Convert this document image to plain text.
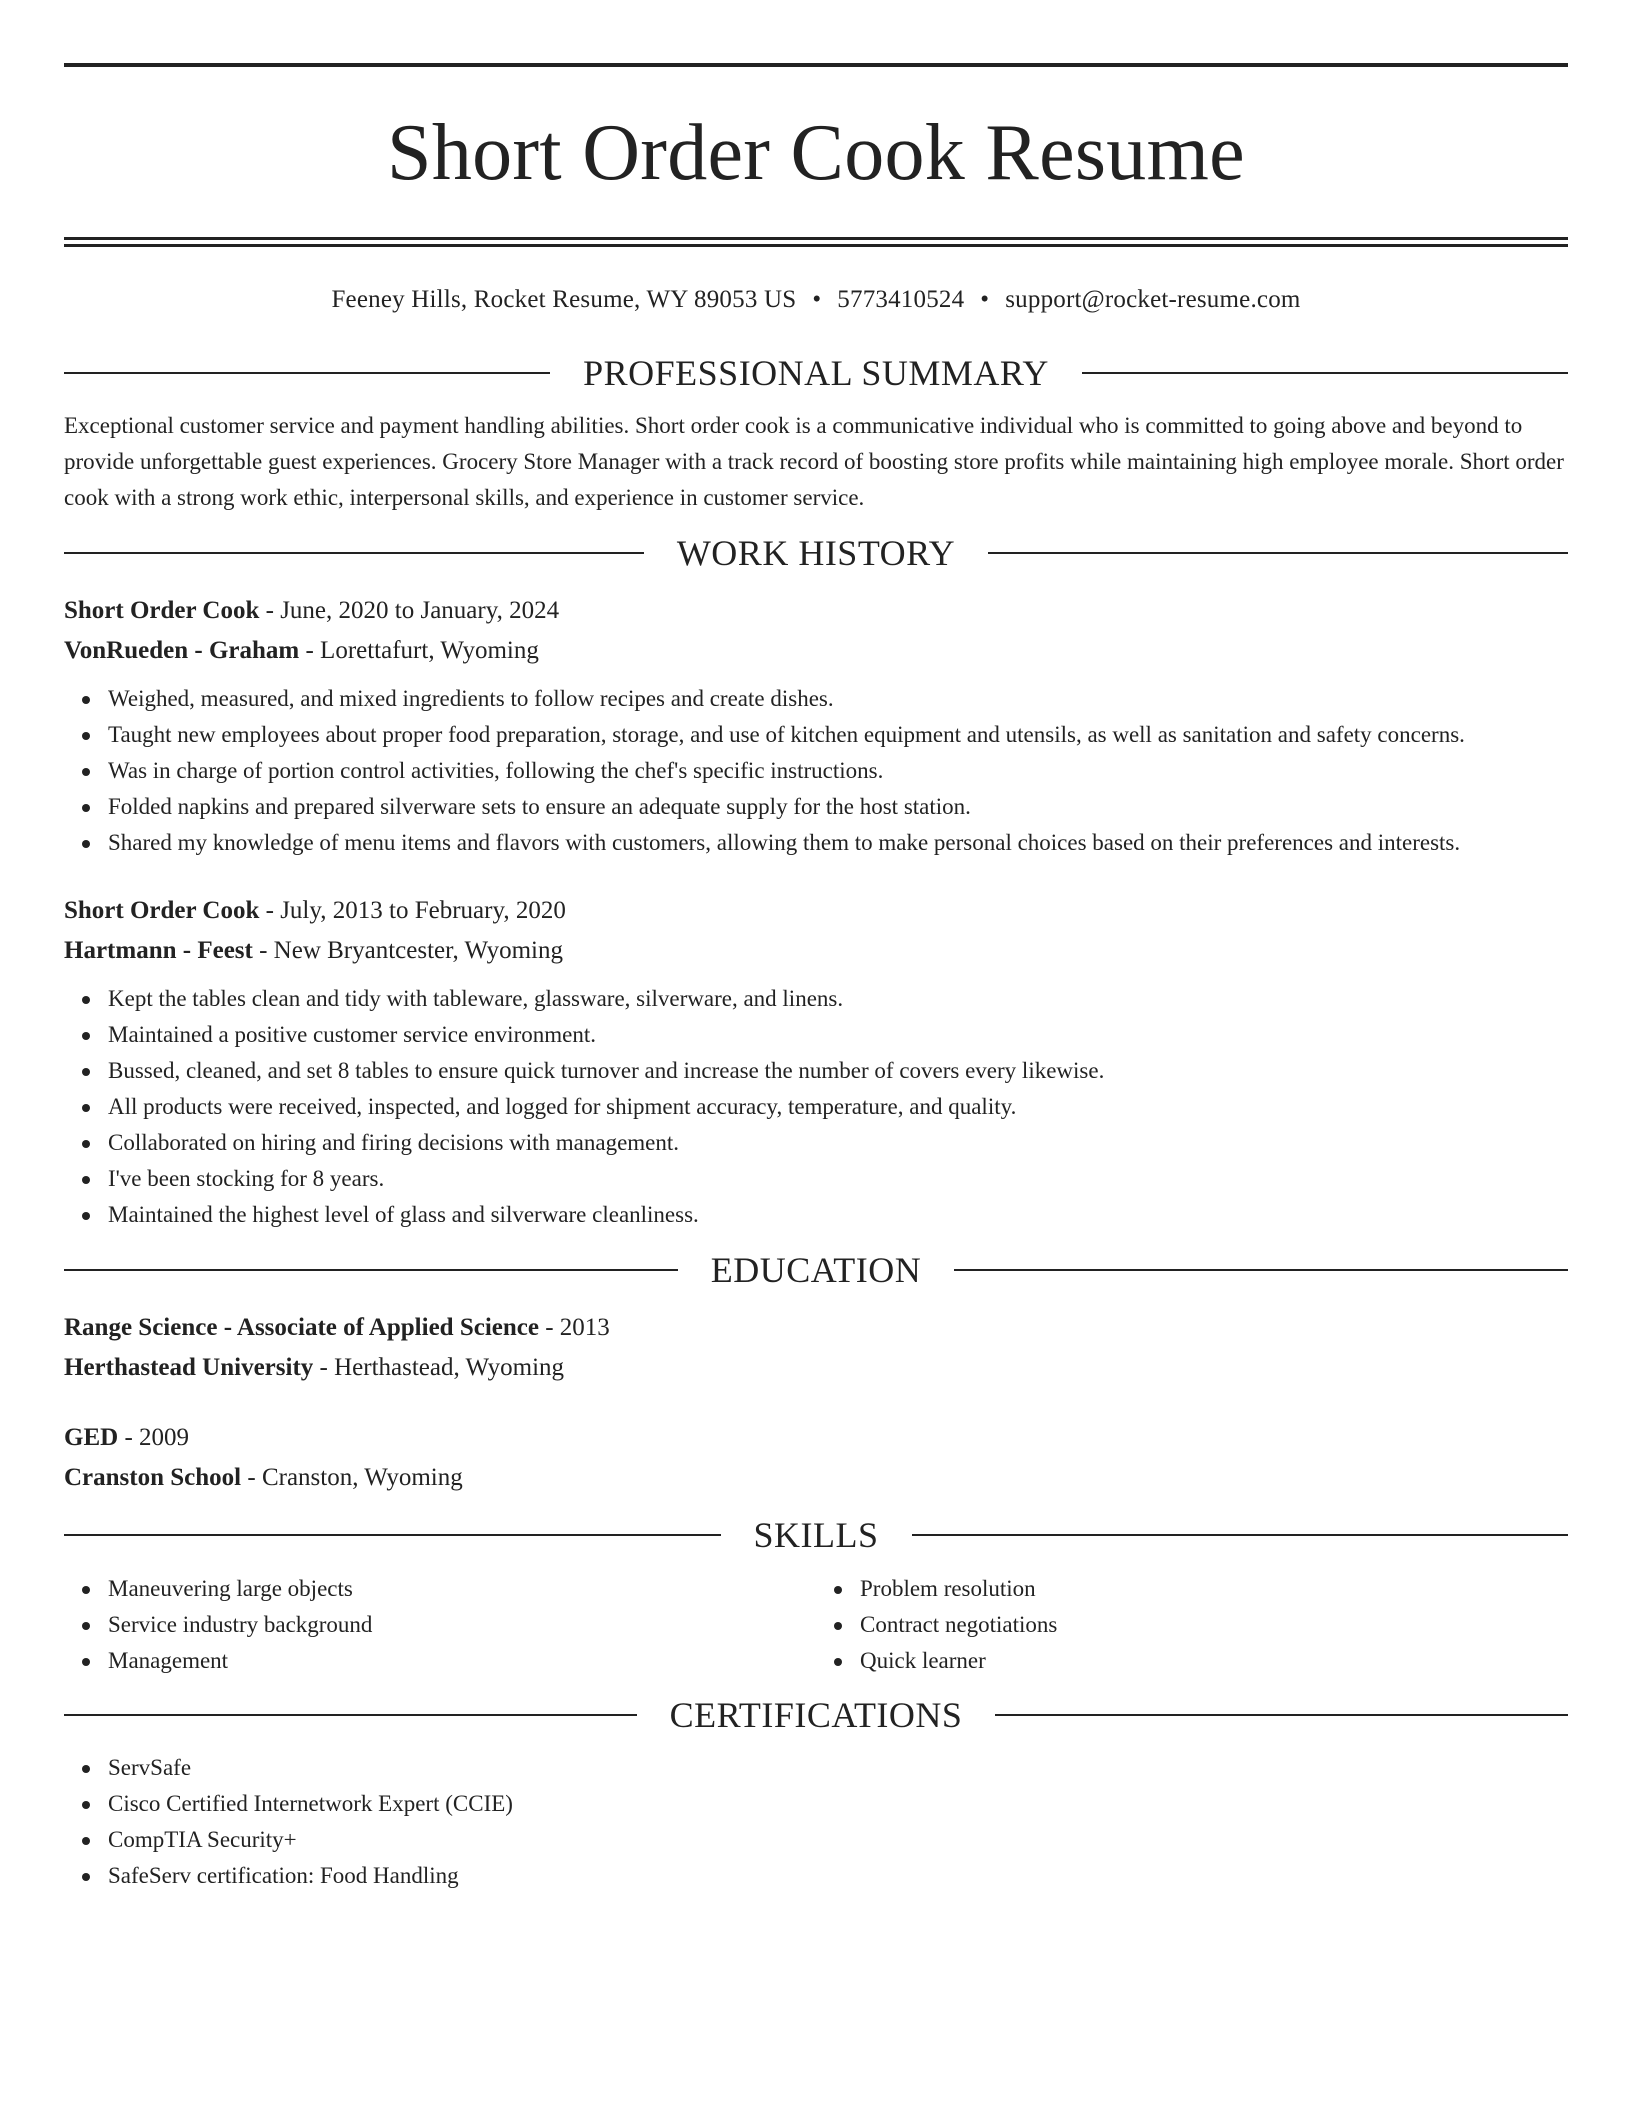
Short Order Cook Resume
Feeney Hills, Rocket Resume, WY 89053 US • 5773410524 • support@rocket-resume.com
PROFESSIONAL SUMMARY

Exceptional customer service and payment handling abilities. Short order cook is a communicative individual who is committed to going above and beyond to provide unforgettable guest experiences. Grocery Store Manager with a track record of boosting store profits while maintaining high employee morale. Short order cook with a strong work ethic, interpersonal skills, and experience in customer service.

WORK HISTORY

Short Order Cook - June, 2020 to January, 2024

VonRueden - Graham - Lorettafurt, Wyoming

Weighed, measured, and mixed ingredients to follow recipes and create dishes.
Taught new employees about proper food preparation, storage, and use of kitchen equipment and utensils, as well as sanitation and safety concerns.
Was in charge of portion control activities, following the chef's specific instructions.
Folded napkins and prepared silverware sets to ensure an adequate supply for the host station.
Shared my knowledge of menu items and flavors with customers, allowing them to make personal choices based on their preferences and interests.

Short Order Cook - July, 2013 to February, 2020

Hartmann - Feest - New Bryantcester, Wyoming

Kept the tables clean and tidy with tableware, glassware, silverware, and linens.
Maintained a positive customer service environment.
Bussed, cleaned, and set 8 tables to ensure quick turnover and increase the number of covers every likewise.
All products were received, inspected, and logged for shipment accuracy, temperature, and quality.
Collaborated on hiring and firing decisions with management.
I've been stocking for 8 years.
Maintained the highest level of glass and silverware cleanliness.
EDUCATION

Range Science - Associate of Applied Science - 2013

Herthastead University - Herthastead, Wyoming

GED - 2009

Cranston School - Cranston, Wyoming

SKILLS
Maneuvering large objects
Service industry background
Management
Problem resolution
Contract negotiations
Quick learner
CERTIFICATIONS
ServSafe
Cisco Certified Internetwork Expert (CCIE)
CompTIA Security+
SafeServ certification: Food Handling
